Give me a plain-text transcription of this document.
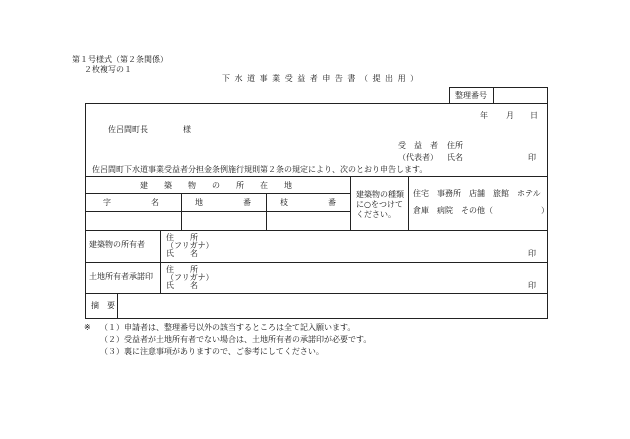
第１号様式（第２条関係）
２枚複写の１
下 水 道 事 業 受 益 者 申 告 書 （ 提 出 用 ）
整理番号
年 月 日
佐呂間町長	様
受　益　者 住所
（代表者） 氏名	印
佐呂間町下水道事業受益者分担金条例施行規則第２条の規定により、次のとおり申告します。
建　　築　　物　　の　　所　　在　　地
字　　　　　名	地　　　　　番	枝　　　　　番
建築物の種類に○をつけてください。
住宅　事務所　店舗　旅館　ホテル
倉庫　病院　その他（　　　　　　）
建築物の所有者
住　　所
（フリガナ）
氏　　名	印
土地所有者承諾印
住　　所
（フリガナ）
氏　　名	印
摘　要
※ （１） 申請者は、整理番号以外の該当するところは全て記入願います。
（２） 受益者が土地所有者でない場合は、土地所有者の承諾印が必要です。
（３） 裏に注意事項がありますので、ご参考にしてください。
